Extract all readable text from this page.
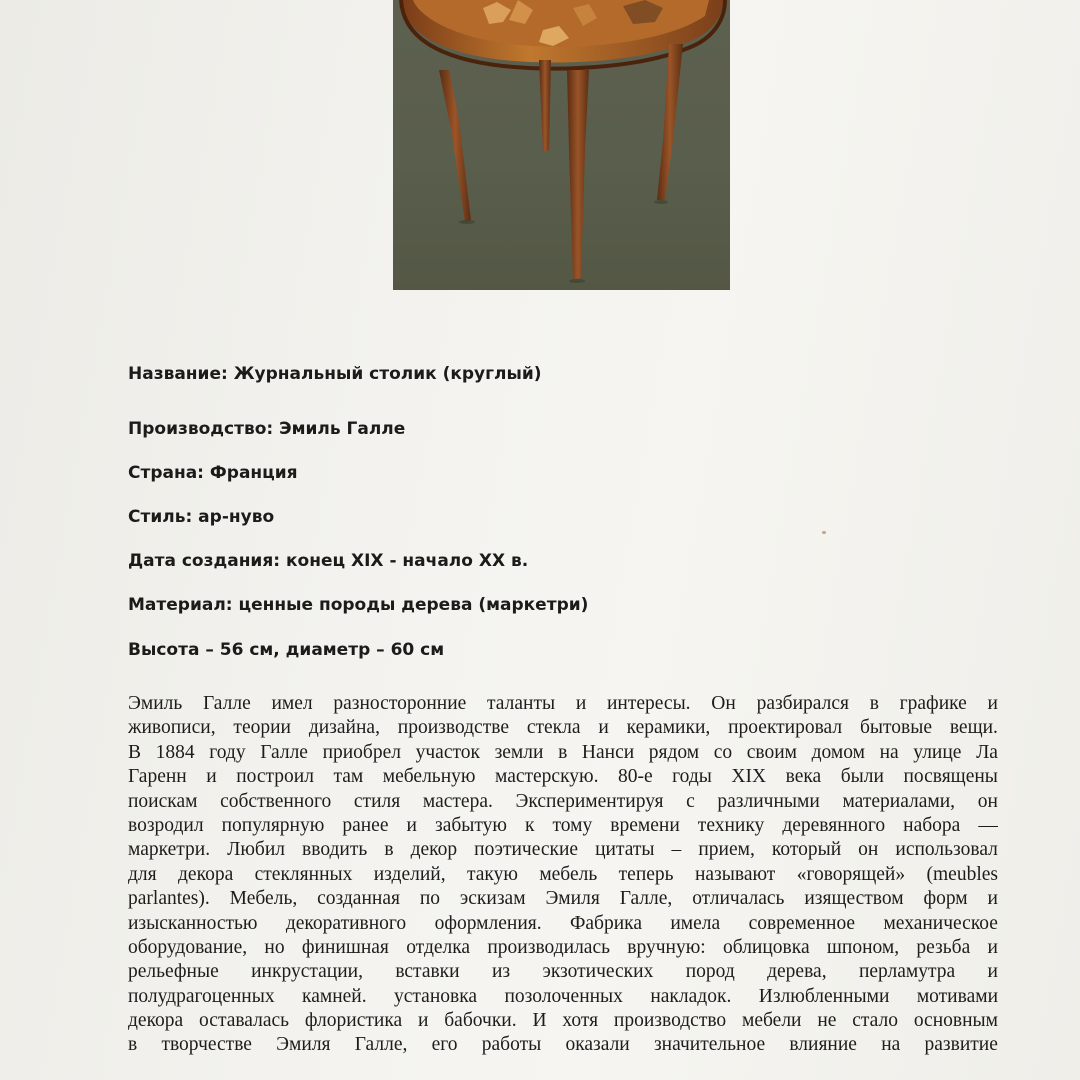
Название: Журнальный столик (круглый)
Производство: Эмиль Галле
Страна: Франция
Стиль: ар-нуво
Дата создания: конец XIX - начало XX в.
Материал: ценные породы дерева (маркетри)
Высота – 56 см, диаметр – 60 см
Эмиль Галле имел разносторонние таланты и интересы. Он разбирался в графике и
живописи, теории дизайна, производстве стекла и керамики, проектировал бытовые вещи.
В 1884 году Галле приобрел участок земли в Нанси рядом со своим домом на улице Ла
Гаренн и построил там мебельную мастерскую. 80-е годы XIX века были посвящены
поискам собственного стиля мастера. Экспериментируя с различными материалами, он
возродил популярную ранее и забытую к тому времени технику деревянного набора —
маркетри. Любил вводить в декор поэтические цитаты – прием, который он использовал
для декора стеклянных изделий, такую мебель теперь называют «говорящей» (meubles
parlantes). Мебель, созданная по эскизам Эмиля Галле, отличалась изяществом форм и
изысканностью декоративного оформления. Фабрика имела современное механическое
оборудование, но финишная отделка производилась вручную: облицовка шпоном, резьба и
рельефные инкрустации, вставки из экзотических пород дерева, перламутра и
полудрагоценных камней. установка позолоченных накладок. Излюбленными мотивами
декора оставалась флористика и бабочки. И хотя производство мебели не стало основным
в творчестве Эмиля Галле, его работы оказали значительное влияние на развитие
